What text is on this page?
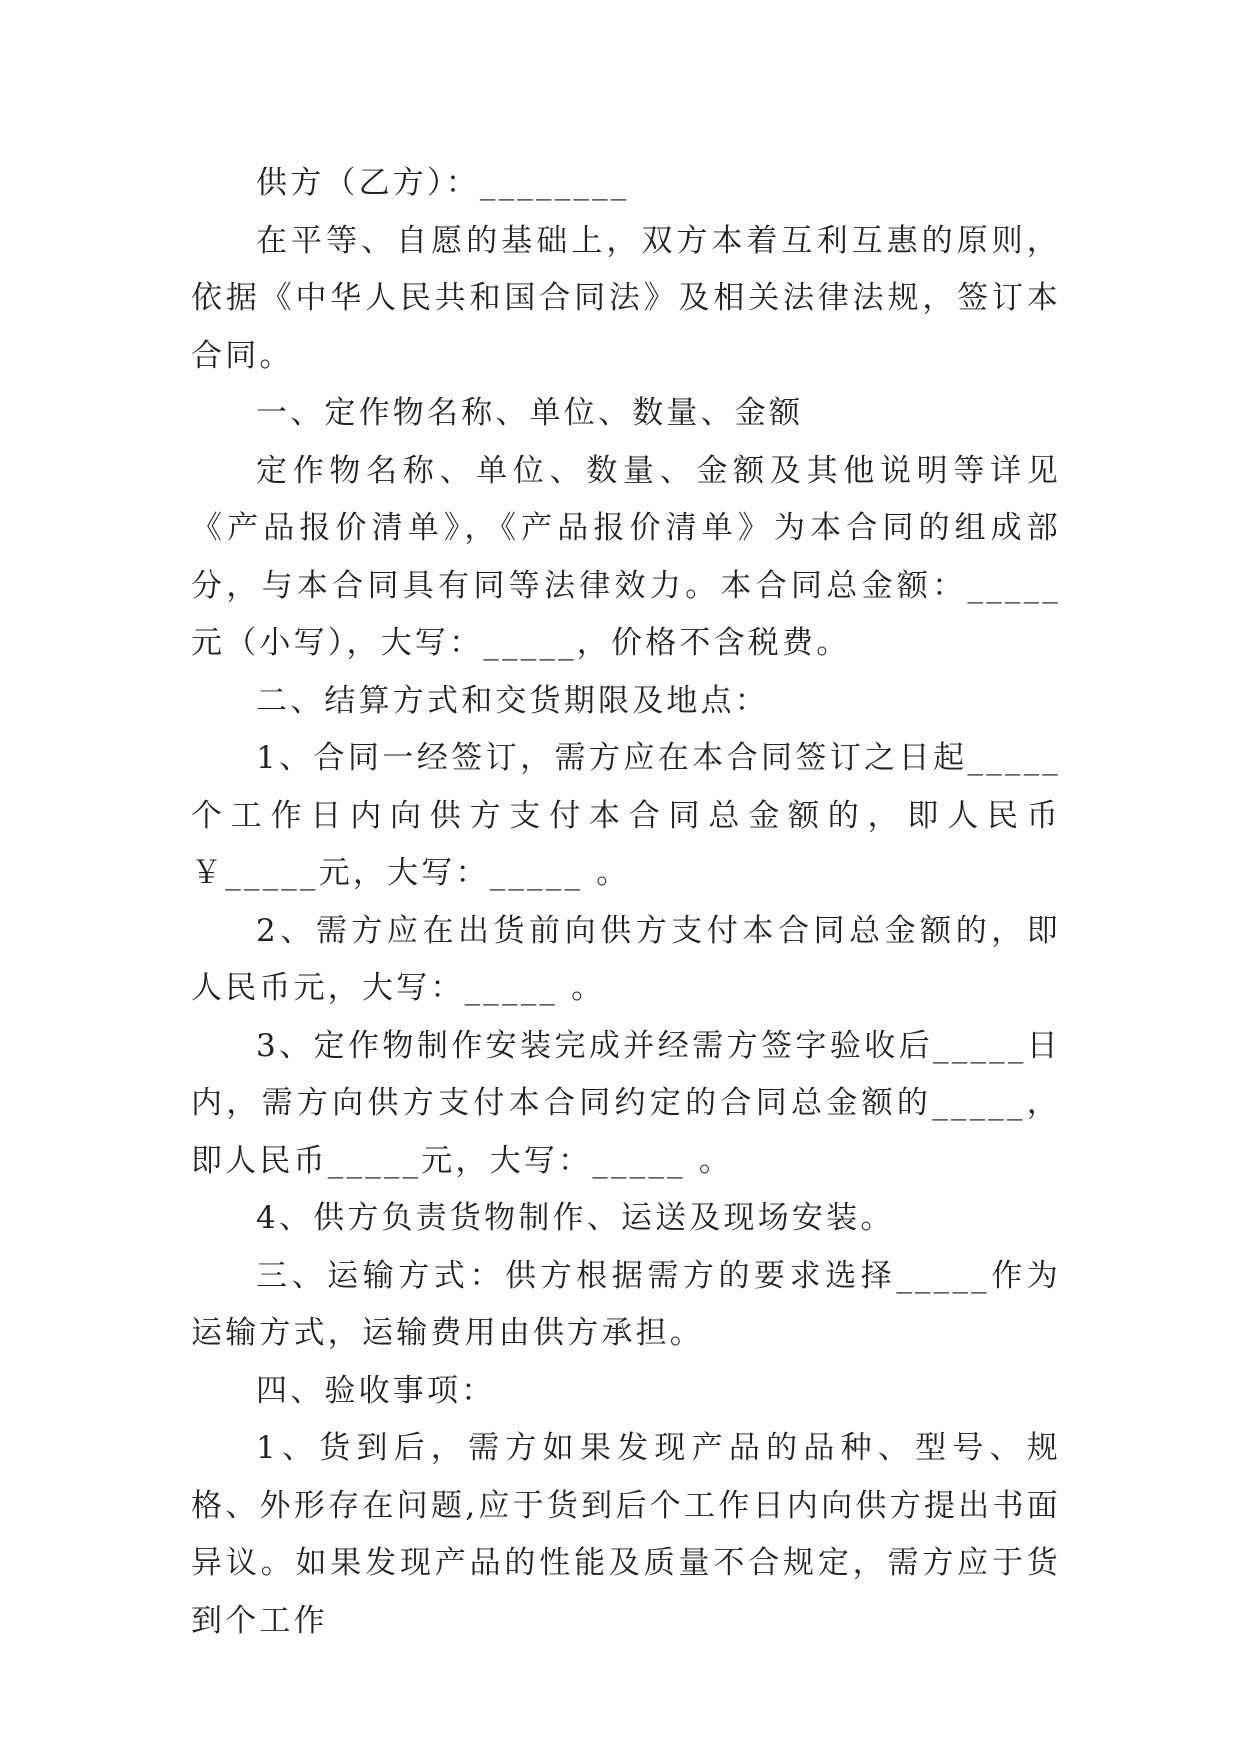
供方（乙方）：________

在平等、自愿的基础上，双方本着互利互惠的原则，依据《中华人民共和国合同法》及相关法律法规，签订本合同。

一、定作物名称、单位、数量、金额

定作物名称、单位、数量、金额及其他说明等详见《产品报价清单》，《产品报价清单》为本合同的组成部分，与本合同具有同等法律效力。本合同总金额：_____元（小写），大写：_____，价格不含税费。

二、结算方式和交货期限及地点：

1、合同一经签订，需方应在本合同签订之日起_____个工作日内向供方支付本合同总金额的，即人民币￥_____元，大写：_____ 。

2、需方应在出货前向供方支付本合同总金额的，即人民币元，大写：_____ 。

3、定作物制作安装完成并经需方签字验收后_____日内，需方向供方支付本合同约定的合同总金额的_____，即人民币_____元，大写：_____ 。

4、供方负责货物制作、运送及现场安装。

三、运输方式：供方根据需方的要求选择_____作为运输方式，运输费用由供方承担。

四、验收事项：

1、货到后，需方如果发现产品的品种、型号、规格、外形存在问题,应于货到后个工作日内向供方提出书面异议。如果发现产品的性能及质量不合规定，需方应于货到个工作
